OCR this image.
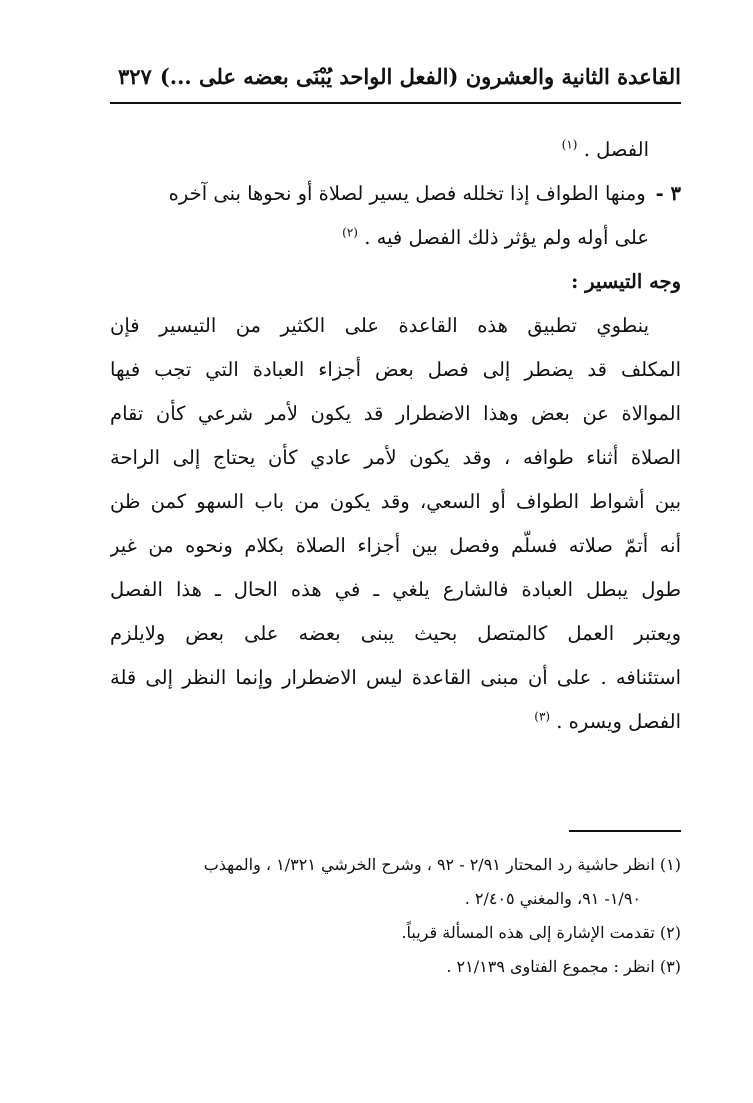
القاعدة الثانية والعشرون (الفعل الواحد يُبْنَى بعضه على ...)
٣٢٧
الفصل . $^{(١)}$
٣ -
ومنها الطواف إذا تخلله فصل يسير لصلاة أو نحوها بنى آخره
على أوله ولم يؤثر ذلك الفصل فيه . $^{(٢)}$
وجه التيسير :
ينطوي تطبيق هذه القاعدة على الكثير من التيسير فإن
المكلف قد يضطر إلى فصل بعض أجزاء العبادة التي تجب فيها
الموالاة عن بعض وهذا الاضطرار قد يكون لأمر شرعي كأن تقام
الصلاة أثناء طوافه ، وقد يكون لأمر عادي كأن يحتاج إلى الراحة
بين أشواط الطواف أو السعي، وقد يكون من باب السهو كمن ظن
أنه أتمّ صلاته فسلّم وفصل بين أجزاء الصلاة بكلام ونحوه من غير
طول يبطل العبادة فالشارع يلغي ـ في هذه الحال ـ هذا الفصل
ويعتبر العمل كالمتصل بحيث يبنى بعضه على بعض ولايلزم
استئنافه . على أن مبنى القاعدة ليس الاضطرار وإنما النظر إلى قلة
الفصل ويسره . $^{(٣)}$
(١) انظر حاشية رد المحتار ٢/٩١ - ٩٢ ، وشرح الخرشي ١/٣٢١ ، والمهذب
١/٩٠- ٩١، والمغني ٢/٤٠٥ .
(٢) تقدمت الإشارة إلى هذه المسألة قريباً.
(٣) انظر : مجموع الفتاوى ٢١/١٣٩ .
